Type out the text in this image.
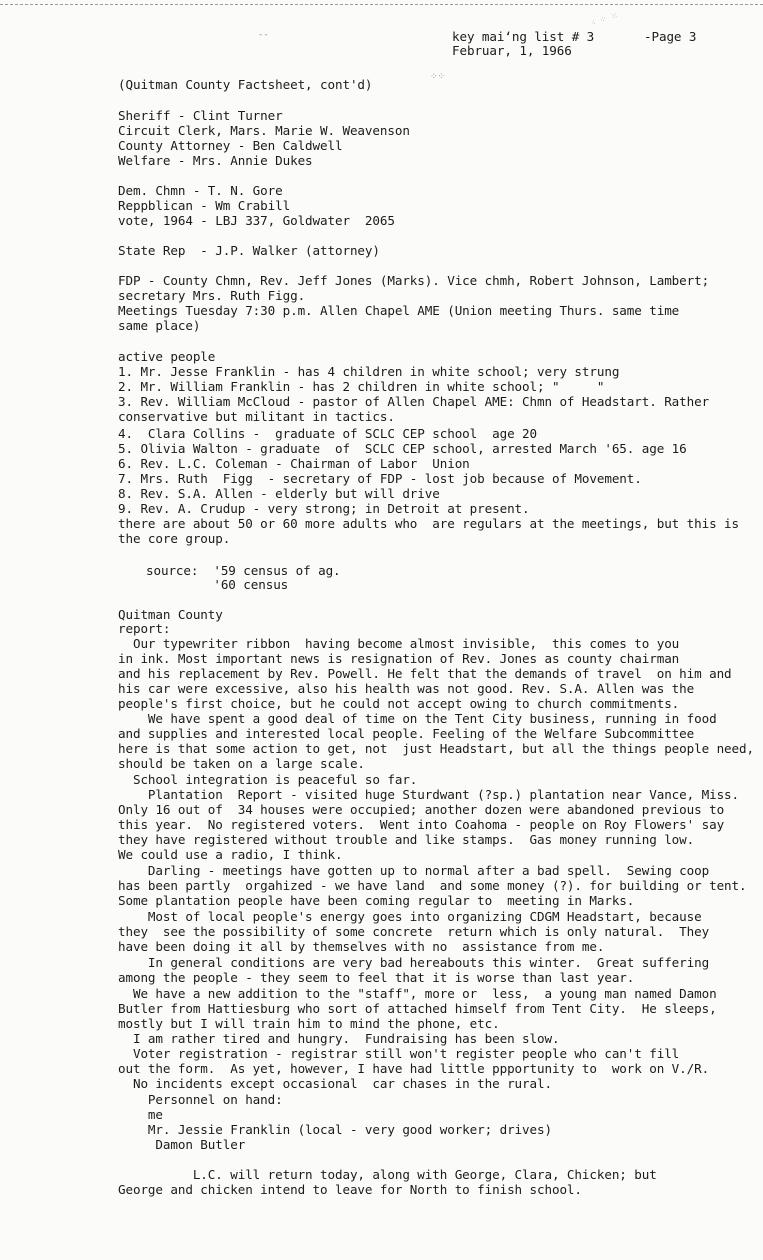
⁖ ⁘ ⁙
--
⁘⁘
key mai‘ng list # 3	-Page 3
Februar, 1, 1966
(Quitman County Factsheet, cont'd)
Sheriff - Clint Turner
Circuit Clerk, Mars. Marie W. Weavenson
County Attorney - Ben Caldwell
Welfare - Mrs. Annie Dukes
Dem. Chmn - T. N. Gore
Reppblican - Wm Crabill
vote, 1964 - LBJ 337, Goldwater  2065
State Rep  - J.P. Walker (attorney)
FDP - County Chmn, Rev. Jeff Jones (Marks). Vice chmh, Robert Johnson, Lambert;
secretary Mrs. Ruth Figg.
Meetings Tuesday 7:30 p.m. Allen Chapel AME (Union meeting Thurs. same time
same place)
active people
1. Mr. Jesse Franklin - has 4 children in white school; very strung
2. Mr. William Franklin - has 2 children in white school; "     "
3. Rev. William McCloud - pastor of Allen Chapel AME: Chmn of Headstart. Rather
conservative but militant in tactics.
4.  Clara Collins -  graduate of SCLC CEP school  age 20
5. Olivia Walton - graduate  of  SCLC CEP school, arrested March '65. age 16
6. Rev. L.C. Coleman - Chairman of Labor  Union
7. Mrs. Ruth  Figg  - secretary of FDP - lost job because of Movement.
8. Rev. S.A. Allen - elderly but will drive
9. Rev. A. Crudup - very strong; in Detroit at present.
there are about 50 or 60 more adults who  are regulars at the meetings, but this is
the core group.
source:  '59 census of ag.
'60 census
Quitman County
report:
Our typewriter ribbon  having become almost invisible,  this comes to you
in ink. Most important news is resignation of Rev. Jones as county chairman
and his replacement by Rev. Powell. He felt that the demands of travel  on him and
his car were excessive, also his health was not good. Rev. S.A. Allen was the
people's first choice, but he could not accept owing to church commitments.
We have spent a good deal of time on the Tent City business, running in food
and supplies and interested local people. Feeling of the Welfare Subcommittee
here is that some action to get, not  just Headstart, but all the things people need,
should be taken on a large scale.
School integration is peaceful so far.
Plantation  Report - visited huge Sturdwant (?sp.) plantation near Vance, Miss.
Only 16 out of  34 houses were occupied; another dozen were abandoned previous to
this year.  No registered voters.  Went into Coahoma - people on Roy Flowers' say
they have registered without trouble and like stamps.  Gas money running low.
We could use a radio, I think.
Darling - meetings have gotten up to normal after a bad spell.  Sewing coop
has been partly  orgahized - we have land  and some money (?). for building or tent.
Some plantation people have been coming regular to  meeting in Marks.
Most of local people's energy goes into organizing CDGM Headstart, because
they  see the possibility of some concrete  return which is only natural.  They
have been doing it all by themselves with no  assistance from me.
In general conditions are very bad hereabouts this winter.  Great suffering
among the people - they seem to feel that it is worse than last year.
We have a new addition to the "staff", more or  less,  a young man named Damon
Butler from Hattiesburg who sort of attached himself from Tent City.  He sleeps,
mostly but I will train him to mind the phone, etc.
I am rather tired and hungry.  Fundraising has been slow.
Voter registration - registrar still won't register people who can't fill
out the form.  As yet, however, I have had little ppportunity to  work on V./R.
No incidents except occasional  car chases in the rural.
Personnel on hand:
me
Mr. Jessie Franklin (local - very good worker; drives)
Damon Butler
L.C. will return today, along with George, Clara, Chicken; but
George and chicken intend to leave for North to finish school.
